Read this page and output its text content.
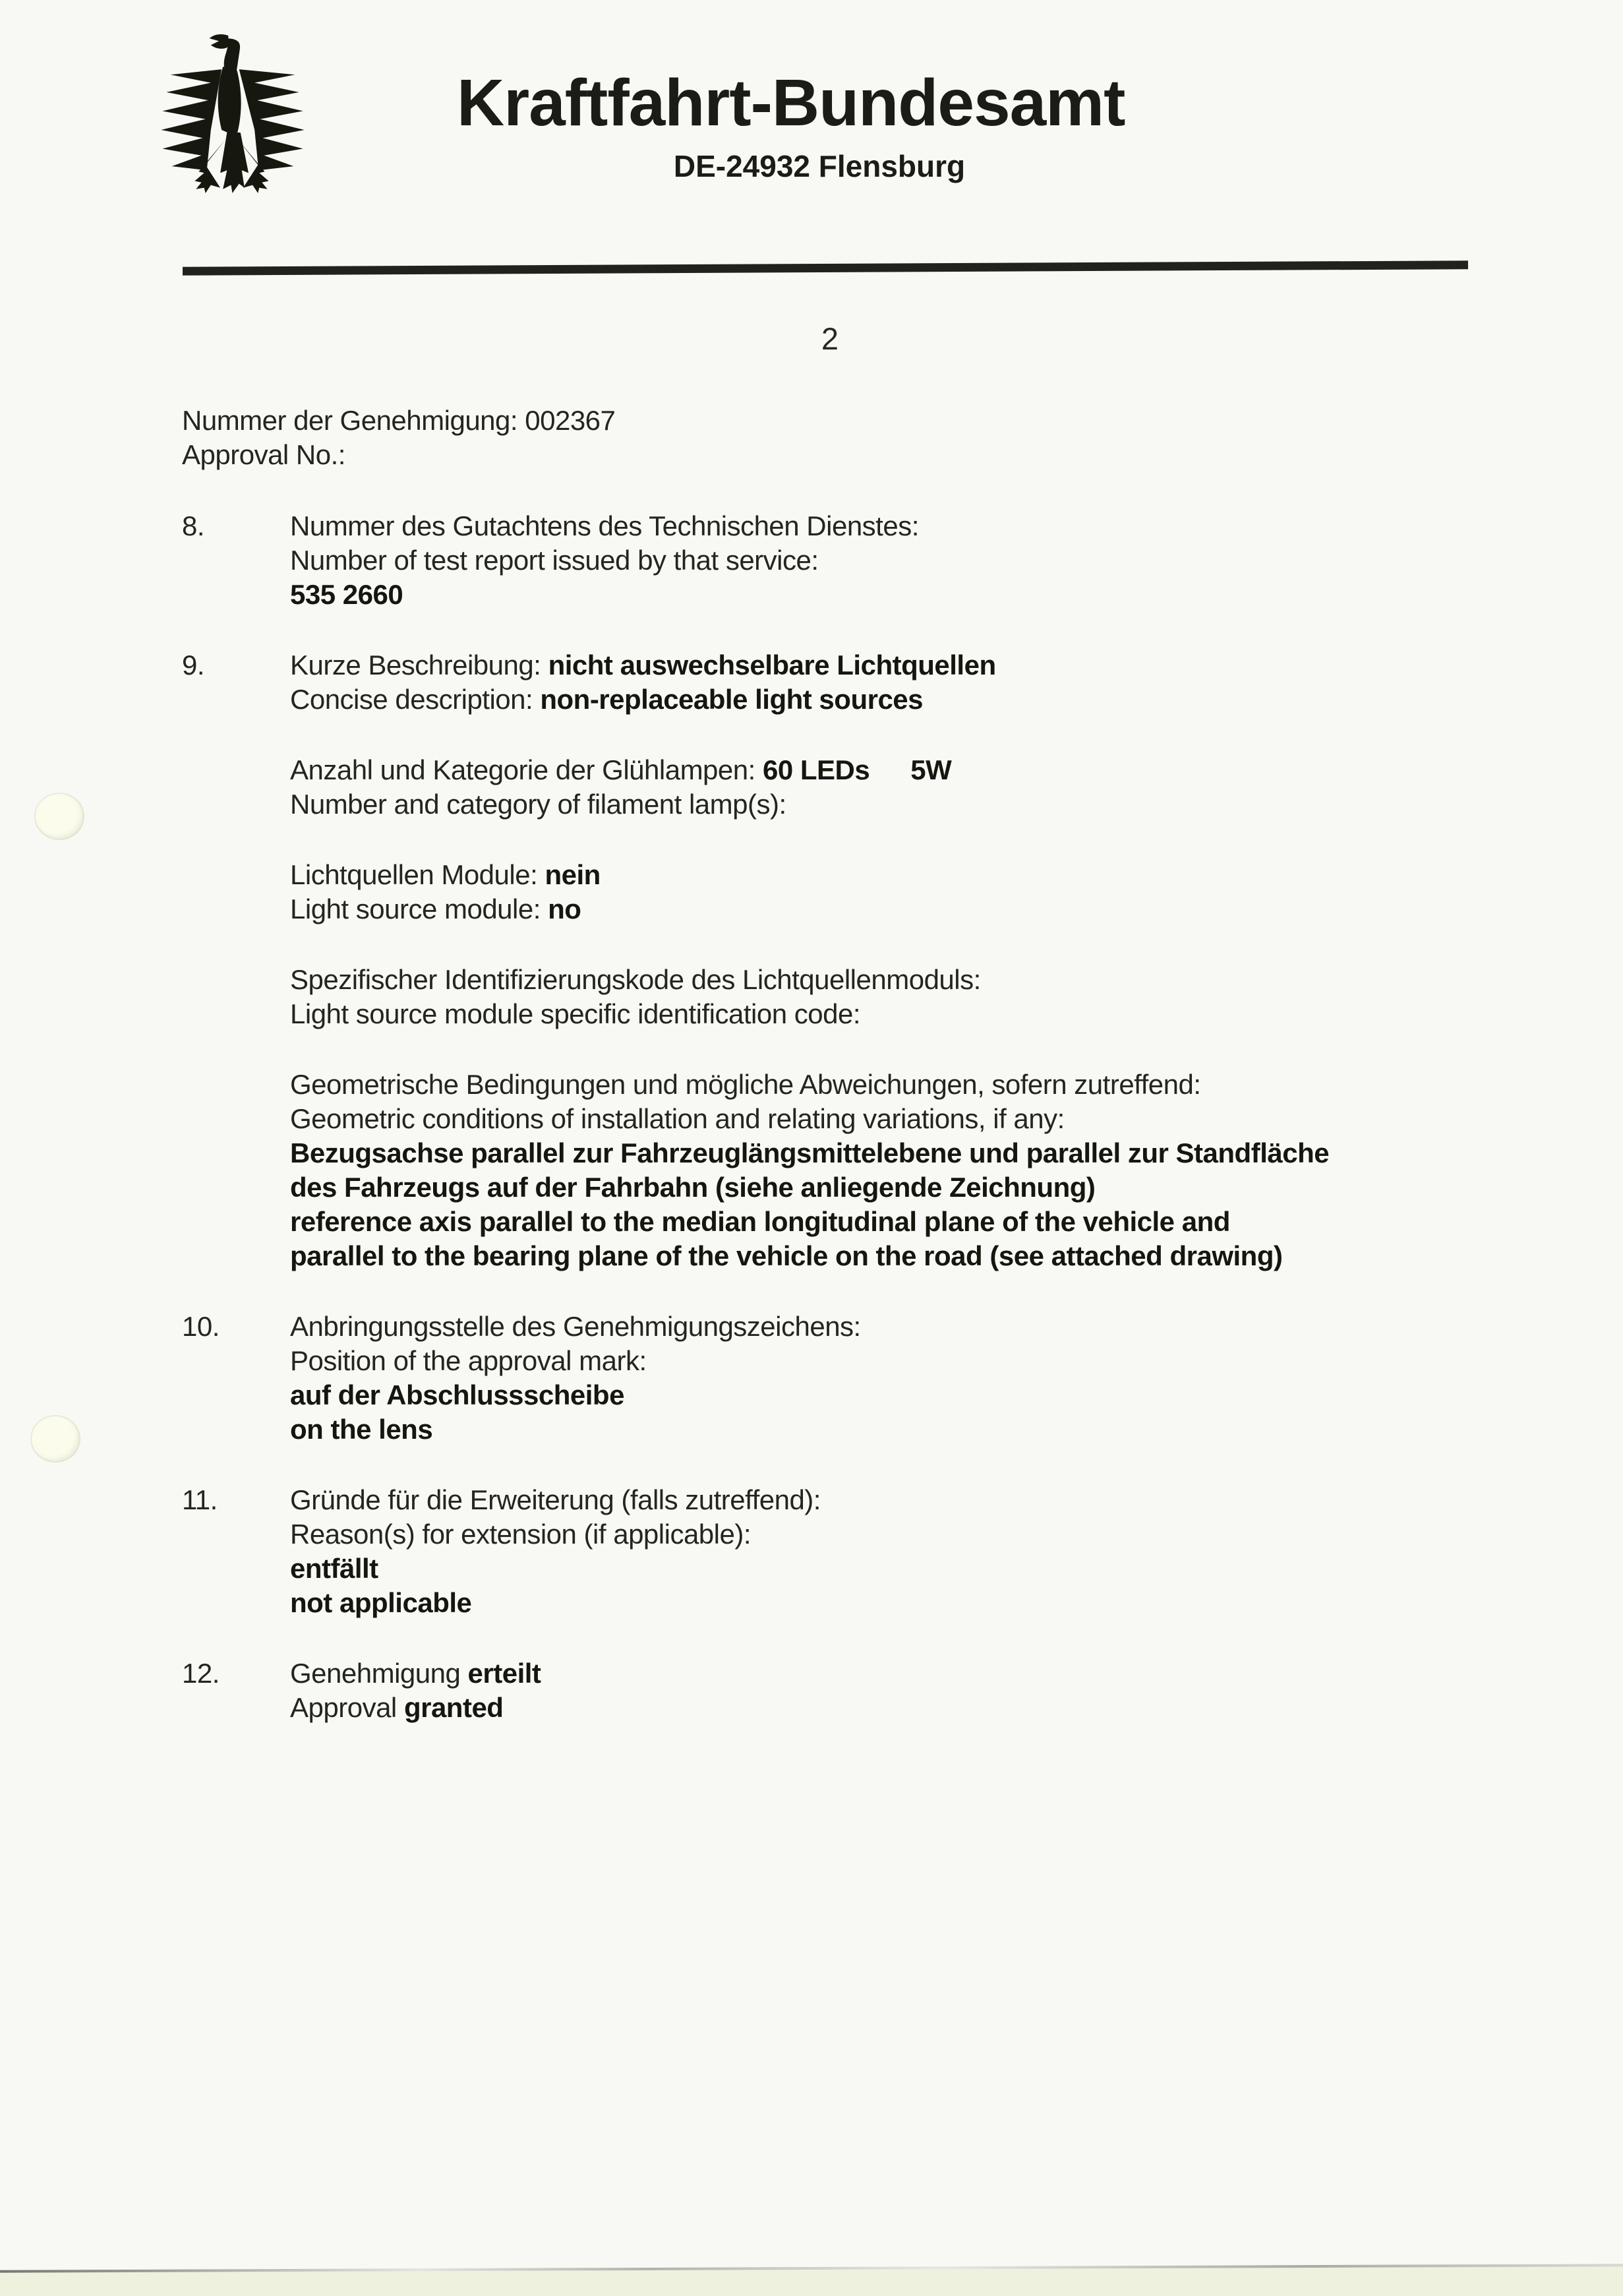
Kraftfahrt-Bundesamt
DE-24932 Flensburg
2
Nummer der Genehmigung: 002367
Approval No.:
8.	Nummer des Gutachtens des Technischen Dienstes:
Number of test report issued by that service:
535 2660
9.	Kurze Beschreibung: nicht auswechselbare Lichtquellen
Concise description: non-replaceable light sources
Anzahl und Kategorie der Glühlampen: 60 LEDs 5W
Number and category of filament lamp(s):
Lichtquellen Module: nein
Light source module: no
Spezifischer Identifizierungskode des Lichtquellenmoduls:
Light source module specific identification code:
Geometrische Bedingungen und mögliche Abweichungen, sofern zutreffend:
Geometric conditions of installation and relating variations, if any:
Bezugsachse parallel zur Fahrzeuglängsmittelebene und parallel zur Standfläche
des Fahrzeugs auf der Fahrbahn (siehe anliegende Zeichnung)
reference axis parallel to the median longitudinal plane of the vehicle and
parallel to the bearing plane of the vehicle on the road (see attached drawing)
10.	Anbringungsstelle des Genehmigungszeichens:
Position of the approval mark:
auf der Abschlussscheibe
on the lens
11.	Gründe für die Erweiterung (falls zutreffend):
Reason(s) for extension (if applicable):
entfällt
not applicable
12.	Genehmigung erteilt
Approval granted
